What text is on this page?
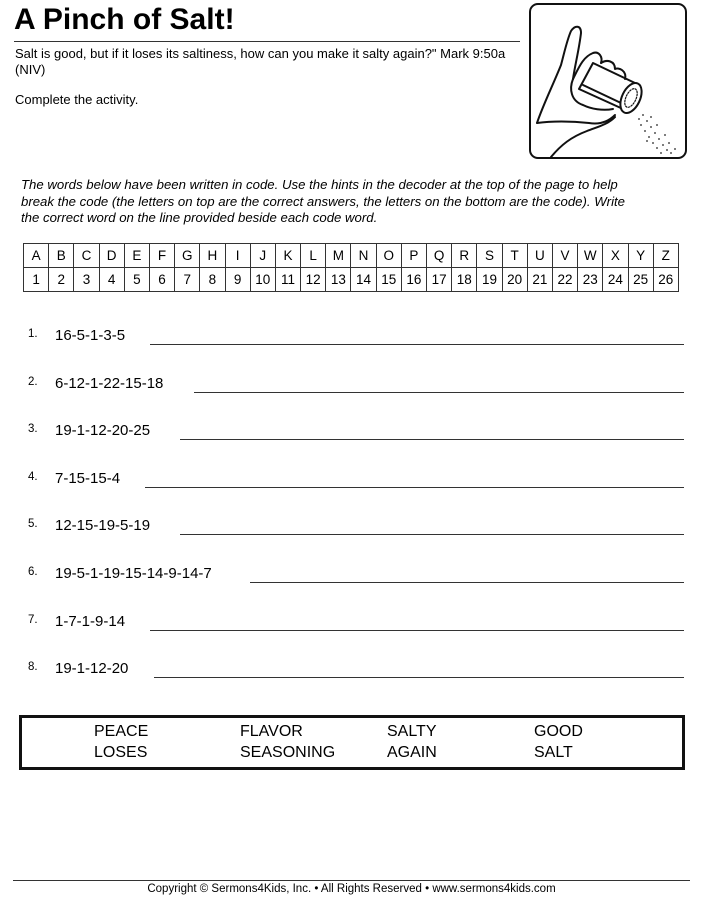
A Pinch of Salt!
Salt is good, but if it loses its saltiness, how can you make it salty again?" Mark 9:50a (NIV)
Complete the activity.
The words below have been written in code. Use the hints in the decoder at the top of the page to help break the code (the letters on top are the correct answers, the letters on the bottom are the code). Write the correct word on the line provided beside each code word.
A	B	C	D	E	F	G	H	I	J	K	L	M	N	O	P	Q	R	S	T	U	V	W	X	Y	Z
1	2	3	4	5	6	7	8	9	10	11	12	13	14	15	16	17	18	19	20	21	22	23	24	25	26
1. 16-5-1-3-5
2. 6-12-1-22-15-18
3. 19-1-12-20-25
4. 7-15-15-4
5. 12-15-19-5-19
6. 19-5-1-19-15-14-9-14-7
7. 1-7-1-9-14
8. 19-1-12-20
PEACE	FLAVOR	SALTY	GOOD
LOSES	SEASONING	AGAIN	SALT
Copyright © Sermons4Kids, Inc. • All Rights Reserved • www.sermons4kids.com
